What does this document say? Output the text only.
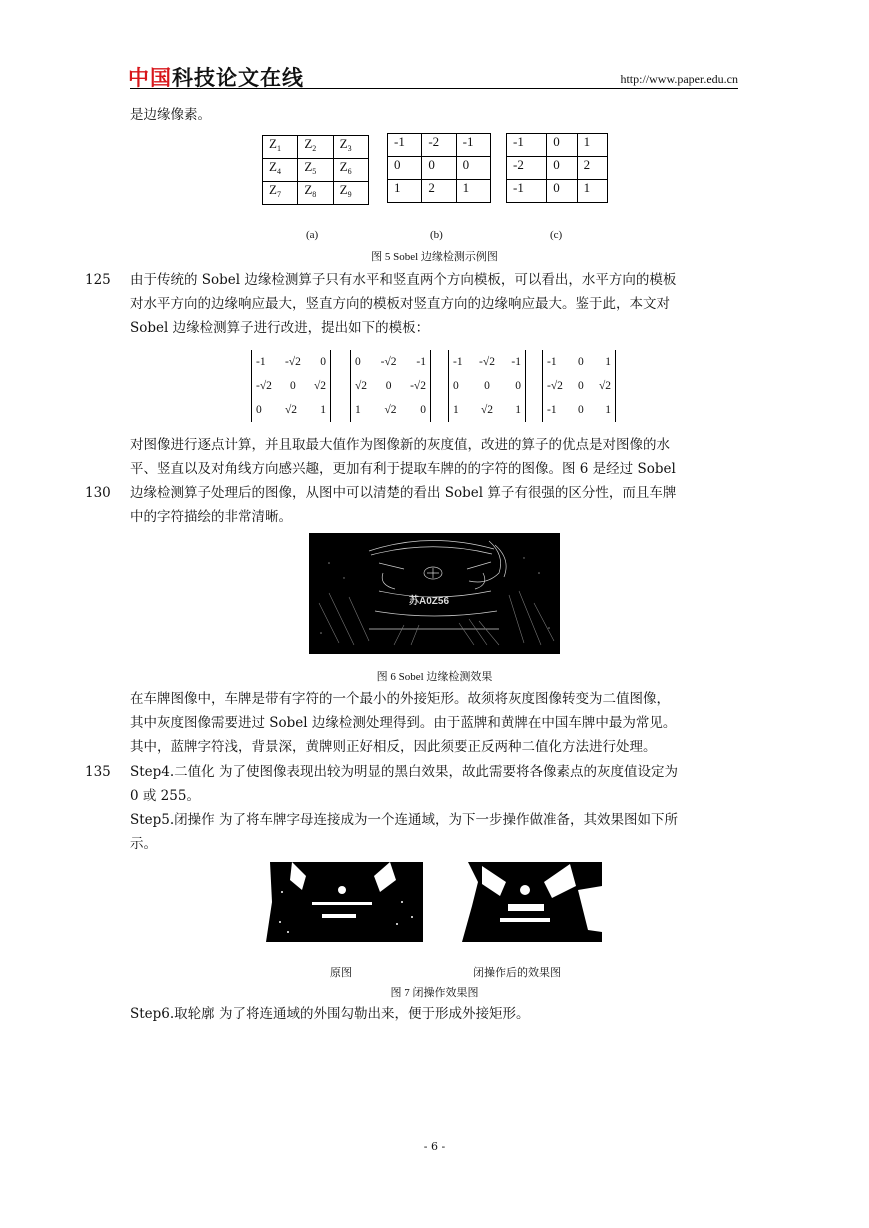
中国科技论文在线	http://www.paper.edu.cn
是边缘像素。
$Z_1$	$Z_2$	$Z_3$
$Z_4$	$Z_5$	$Z_6$
$Z_7$	$Z_8$	$Z_9$
-1	-2	-1
0	0	0
1	2	1
-1	0	1
-2	0	2
-1	0	1
(a)	(b)	(c)
图 5 Sobel 边缘检测示例图
125 由于传统的 Sobel 边缘检测算子只有水平和竖直两个方向模板，可以看出，水平方向的模板
对水平方向的边缘响应最大，竖直方向的模板对竖直方向的边缘响应最大。鉴于此，本文对
Sobel 边缘检测算子进行改进，提出如下的模板：
-1 -√2 0
-√2 0 √2
0 √2 1
0 -√2 -1
√2 0 -√2
1 √2 0
-1 -√2 -1
0 0 0
1 √2 1
-1 0 1
-√2 0 √2
-1 0 1
对图像进行逐点计算，并且取最大值作为图像新的灰度值，改进的算子的优点是对图像的水
平、竖直以及对角线方向感兴趣，更加有利于提取车牌的的字符的图像。图 6 是经过 Sobel
130 边缘检测算子处理后的图像，从图中可以清楚的看出 Sobel 算子有很强的区分性，而且车牌
中的字符描绘的非常清晰。
苏A0Z56
图 6 Sobel 边缘检测效果
在车牌图像中，车牌是带有字符的一个最小的外接矩形。故须将灰度图像转变为二值图像，
其中灰度图像需要进过 Sobel 边缘检测处理得到。由于蓝牌和黄牌在中国车牌中最为常见。
其中，蓝牌字符浅，背景深，黄牌则正好相反，因此须要正反两种二值化方法进行处理。
135 Step4.二值化 为了使图像表现出较为明显的黑白效果，故此需要将各像素点的灰度值设定为
0 或 255。
Step5.闭操作 为了将车牌字母连接成为一个连通域，为下一步操作做准备，其效果图如下所
示。
原图	闭操作后的效果图
图 7 闭操作效果图
Step6.取轮廓 为了将连通域的外围勾勒出来，便于形成外接矩形。
- 6 -
